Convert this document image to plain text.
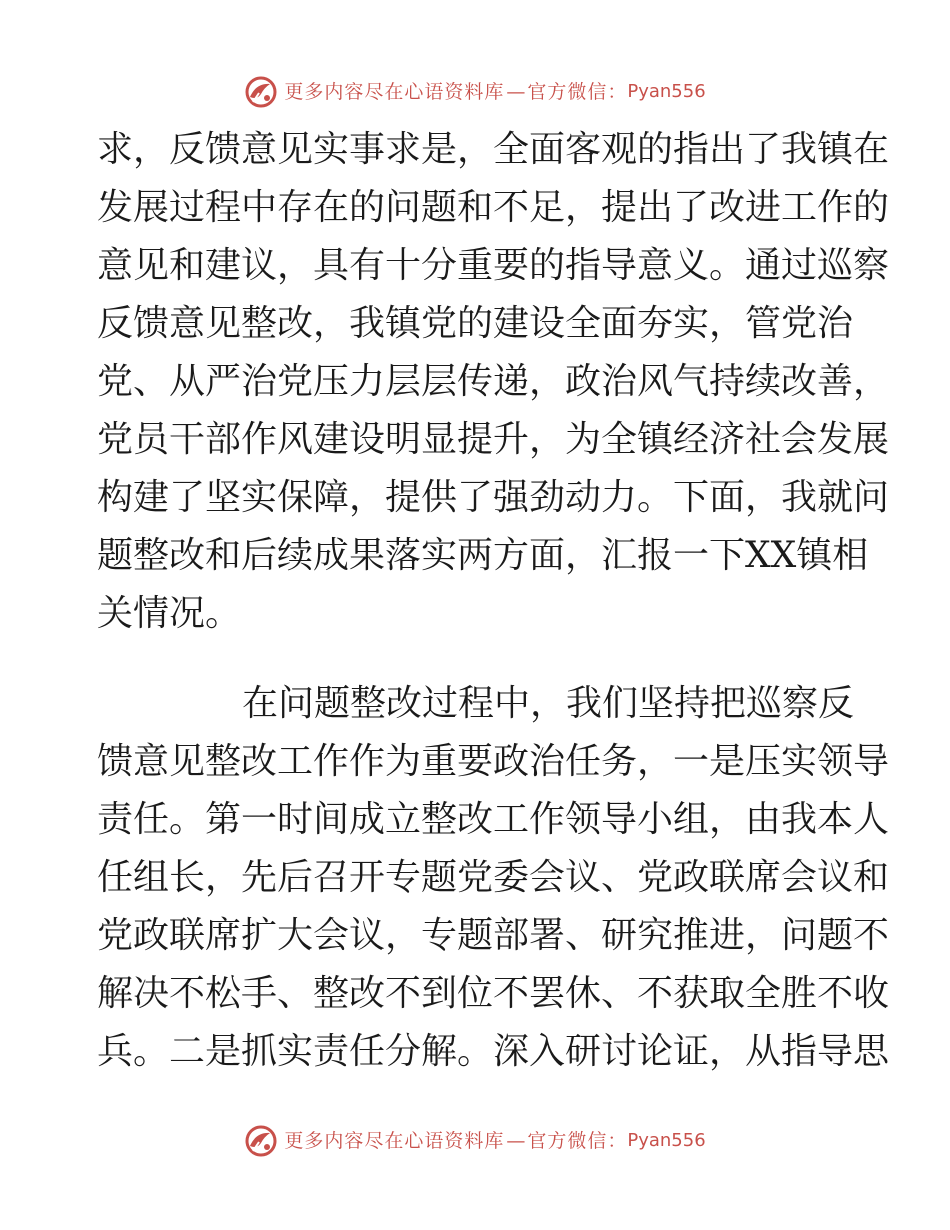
更多内容尽在心语资料库 — 官方微信： Pyan556
求，反馈意见实事求是，全面客观的指出了我镇在
发展过程中存在的问题和不足，提出了改进工作的
意见和建议，具有十分重要的指导意义。通过巡察
反馈意见整改，我镇党的建设全面夯实，管党治
党、从严治党压力层层传递，政治风气持续改善，
党员干部作风建设明显提升，为全镇经济社会发展
构建了坚实保障，提供了强劲动力。下面，我就问
题整改和后续成果落实两方面，汇报一下XX镇相
关情况。
在问题整改过程中，我们坚持把巡察反
馈意见整改工作作为重要政治任务，一是压实领导
责任。第一时间成立整改工作领导小组，由我本人
任组长，先后召开专题党委会议、党政联席会议和
党政联席扩大会议，专题部署、研究推进，问题不
解决不松手、整改不到位不罢休、不获取全胜不收
兵。二是抓实责任分解。深入研讨论证，从指导思
更多内容尽在心语资料库 — 官方微信： Pyan556
